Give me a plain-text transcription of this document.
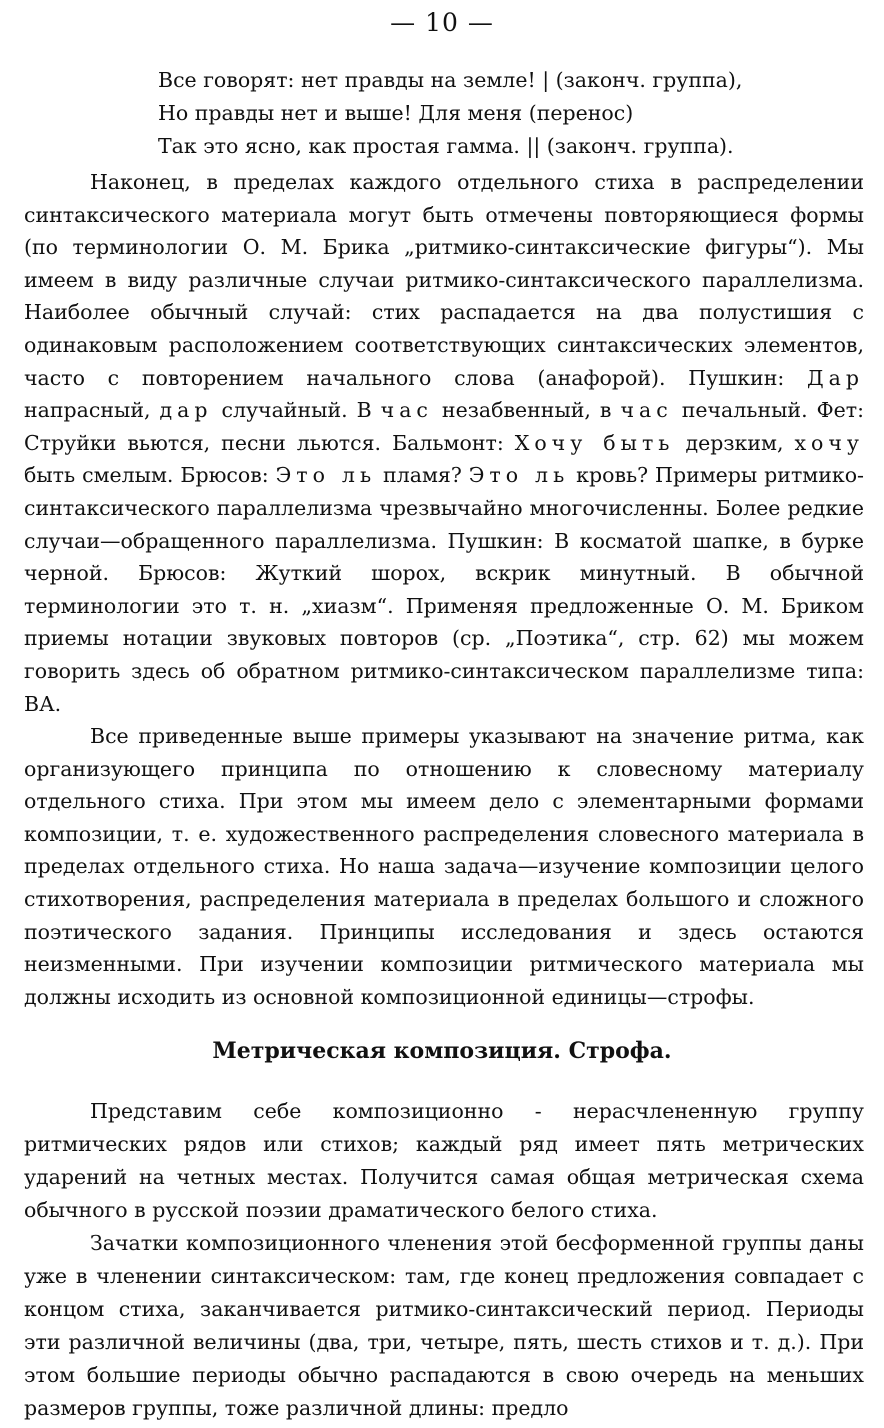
— 10 —
Все говорят: нет правды на земле! | (законч. группа),
Но правды нет и выше! Для меня (перенос)
Так это ясно, как простая гамма. || (законч. группа).

Наконец, в пределах каждого отдельного стиха в распределении синтаксического материала могут быть отмечены повторяющиеся формы (по терминологии О. М. Брика „ритмико-синтаксические фигуры“). Мы имеем в виду различные случаи ритмико-синтаксического параллелизма. Наиболее обычный случай: стих распадается на два полустишия с одинаковым расположением соответствующих синтаксических элементов, часто с повторением начального слова (анафорой). Пушкин: Дар напрасный, дар случайный. В час незабвенный, в час печальный. Фет: Струйки вьются, песни льются. Бальмонт: Хочу быть дерзким, хочу быть смелым. Брюсов: Это ль пламя? Это ль кровь? Примеры ритмико-синтаксического параллелизма чрезвычайно многочисленны. Более редкие случаи—обращенного параллелизма. Пушкин: В косматой шапке, в бурке черной. Брюсов: Жуткий шорох, вскрик минутный. В обычной терминологии это т. н. „хиазм“. Применяя предложенные О. М. Бриком приемы нотации звуковых повторов (ср. „Поэтика“, стр. 62) мы можем говорить здесь об обратном ритмико-синтаксическом параллелизме типа: ВА.

Все приведенные выше примеры указывают на значение ритма, как организующего принципа по отношению к словесному материалу отдельного стиха. При этом мы имеем дело с элементарными формами композиции, т. е. художественного распределения словесного материала в пределах отдельного стиха. Но наша задача—изучение композиции целого стихотворения, распределения материала в пределах большого и сложного поэтического задания. Принципы исследования и здесь остаются неизменными. При изучении композиции ритмического материала мы должны исходить из основной композиционной единицы—строфы.

Метрическая композиция. Строфа.

Представим себе композиционно - нерасчлененную группу ритмических рядов или стихов; каждый ряд имеет пять метрических ударений на четных местах. Получится самая общая метрическая схема обычного в русской поэзии драматического белого стиха.

Зачатки композиционного членения этой бесформенной группы даны уже в членении синтаксическом: там, где конец предложения совпадает с концом стиха, заканчивается ритмико-синтаксический период. Периоды эти различной величины (два, три, четыре, пять, шесть стихов и т. д.). При этом большие периоды обычно распадаются в свою очередь на меньших размеров группы, тоже различной длины: предло
